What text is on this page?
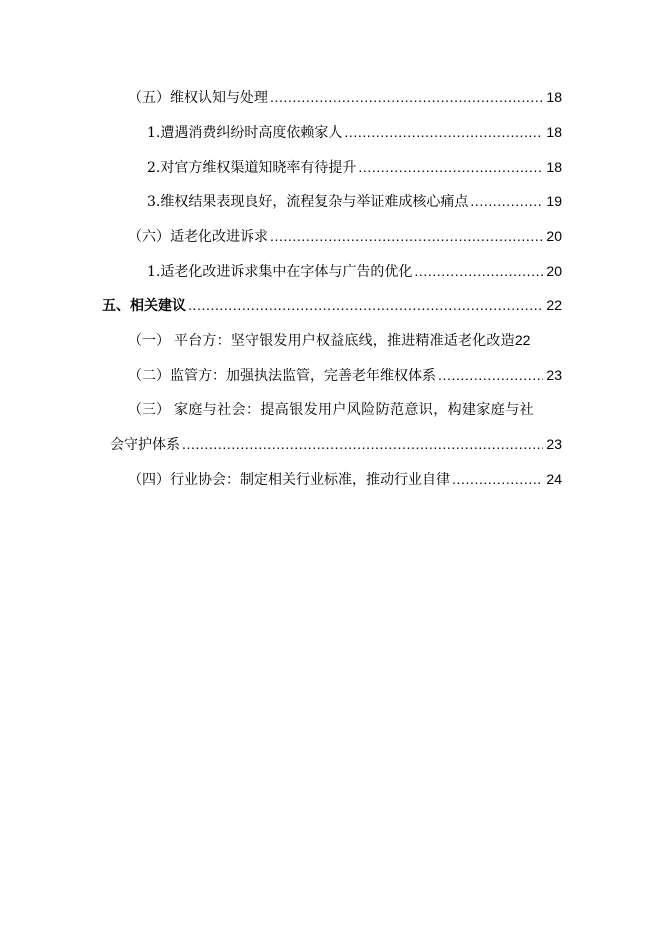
（五） 维权认知与处理 .....	18
1. 遭遇消费纠纷时高度依赖家人 .....	18
2. 对官方维权渠道知晓率有待提升 .....	18
3. 维权结果表现良好，流程复杂与举证难成核心痛点 .....	19
（六） 适老化改进诉求 .....	20
1. 适老化改进诉求集中在字体与广告的优化 .....	20
五、 相关建议 .....	22
（一） 平台方：坚守银发用户权益底线，推进精准适老化改造 22
（二） 监管方：加强执法监管，完善老年维权体系 .....	23
（三） 家庭与社会：提高银发用户风险防范意识，构建家庭与社
会守护体系 .....	23
（四） 行业协会：制定相关行业标准，推动行业自律 .....	24
